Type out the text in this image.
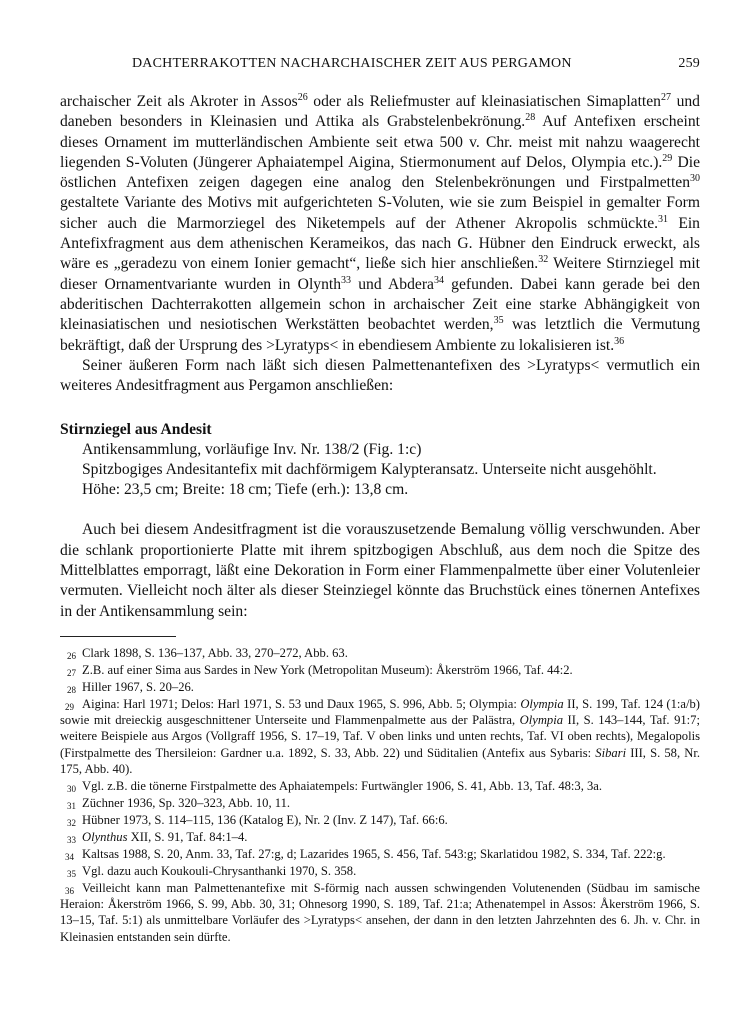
DACHTERRAKOTTEN NACHARCHAISCHER ZEIT AUS PERGAMON	259

archaischer Zeit als Akroter in Assos$^{26}$ oder als Reliefmuster auf kleinasiatischen Simaplatten$^{27}$ und daneben besonders in Kleinasien und Attika als Grabstelenbekrönung.$^{28}$ Auf Antefixen erscheint dieses Ornament im mutterländischen Ambiente seit etwa 500 v. Chr. meist mit nahzu waagerecht liegenden S-Voluten (Jüngerer Aphaiatempel Aigina, Stiermonument auf Delos, Olympia etc.).$^{29}$ Die östlichen Antefixen zeigen dagegen eine analog den Stelenbekrönungen und Firstpalmetten$^{30}$ gestaltete Variante des Motivs mit aufgerichteten S-Voluten, wie sie zum Beispiel in gemalter Form sicher auch die Marmorziegel des Niketempels auf der Athener Akropolis schmückte.$^{31}$ Ein Antefixfragment aus dem athenischen Kerameikos, das nach G. Hübner den Eindruck erweckt, als wäre es „geradezu von einem Ionier gemacht“, ließe sich hier anschließen.$^{32}$ Weitere Stirnziegel mit dieser Ornamentvariante wurden in Olynth$^{33}$ und Abdera$^{34}$ gefunden. Dabei kann gerade bei den abderitischen Dachterrakotten allgemein schon in archaischer Zeit eine starke Abhängigkeit von kleinasiatischen und nesiotischen Werkstätten beobachtet werden,$^{35}$ was letztlich die Vermutung bekräftigt, daß der Ursprung des >Lyratyps< in ebendiesem Ambiente zu lokalisieren ist.$^{36}$

Seiner äußeren Form nach läßt sich diesen Palmettenantefixen des >Lyratyps< vermutlich ein weiteres Andesitfragment aus Pergamon anschließen:

Stirnziegel aus Andesit
Antikensammlung, vorläufige Inv. Nr. 138/2 (Fig. 1:c)
Spitzbogiges Andesitantefix mit dachförmigem Kalypteransatz. Unterseite nicht ausgehöhlt.
Höhe: 23,5 cm; Breite: 18 cm; Tiefe (erh.): 13,8 cm.

Auch bei diesem Andesitfragment ist die vorauszusetzende Bemalung völlig verschwunden. Aber die schlank proportionierte Platte mit ihrem spitzbogigen Abschluß, aus dem noch die Spitze des Mittelblattes emporragt, läßt eine Dekoration in Form einer Flammenpalmette über einer Volutenleier vermuten. Vielleicht noch älter als dieser Steinziegel könnte das Bruchstück eines tönernen Antefixes in der Antikensammlung sein:

26 Clark 1898, S. 136–137, Abb. 33, 270–272, Abb. 63.
27 Z.B. auf einer Sima aus Sardes in New York (Metropolitan Museum): Åkerström 1966, Taf. 44:2.
28 Hiller 1967, S. 20–26.
29 Aigina: Harl 1971; Delos: Harl 1971, S. 53 und Daux 1965, S. 996, Abb. 5; Olympia: Olympia II, S. 199, Taf. 124 (1:a/b) sowie mit dreieckig ausgeschnittener Unterseite und Flammenpalmette aus der Palästra, Olympia II, S. 143–144, Taf. 91:7; weitere Beispiele aus Argos (Vollgraff 1956, S. 17–19, Taf. V oben links und unten rechts, Taf. VI oben rechts), Megalopolis (Firstpalmette des Thersileion: Gardner u.a. 1892, S. 33, Abb. 22) und Süditalien (Antefix aus Sybaris: Sibari III, S. 58, Nr. 175, Abb. 40).
30 Vgl. z.B. die tönerne Firstpalmette des Aphaiatempels: Furtwängler 1906, S. 41, Abb. 13, Taf. 48:3, 3a.
31 Züchner 1936, Sp. 320–323, Abb. 10, 11.
32 Hübner 1973, S. 114–115, 136 (Katalog E), Nr. 2 (Inv. Z 147), Taf. 66:6.
33 Olynthus XII, S. 91, Taf. 84:1–4.
34 Kaltsas 1988, S. 20, Anm. 33, Taf. 27:g, d; Lazarides 1965, S. 456, Taf. 543:g; Skarlatidou 1982, S. 334, Taf. 222:g.
35 Vgl. dazu auch Koukouli-Chrysanthanki 1970, S. 358.
36 Veilleicht kann man Palmettenantefixe mit S-förmig nach aussen schwingenden Volutenenden (Südbau im samische Heraion: Åkerström 1966, S. 99, Abb. 30, 31; Ohnesorg 1990, S. 189, Taf. 21:a; Athenatempel in Assos: Åkerström 1966, S. 13–15, Taf. 5:1) als unmittelbare Vorläufer des >Lyratyps< ansehen, der dann in den letzten Jahrzehnten des 6. Jh. v. Chr. in Kleinasien entstanden sein dürfte.
